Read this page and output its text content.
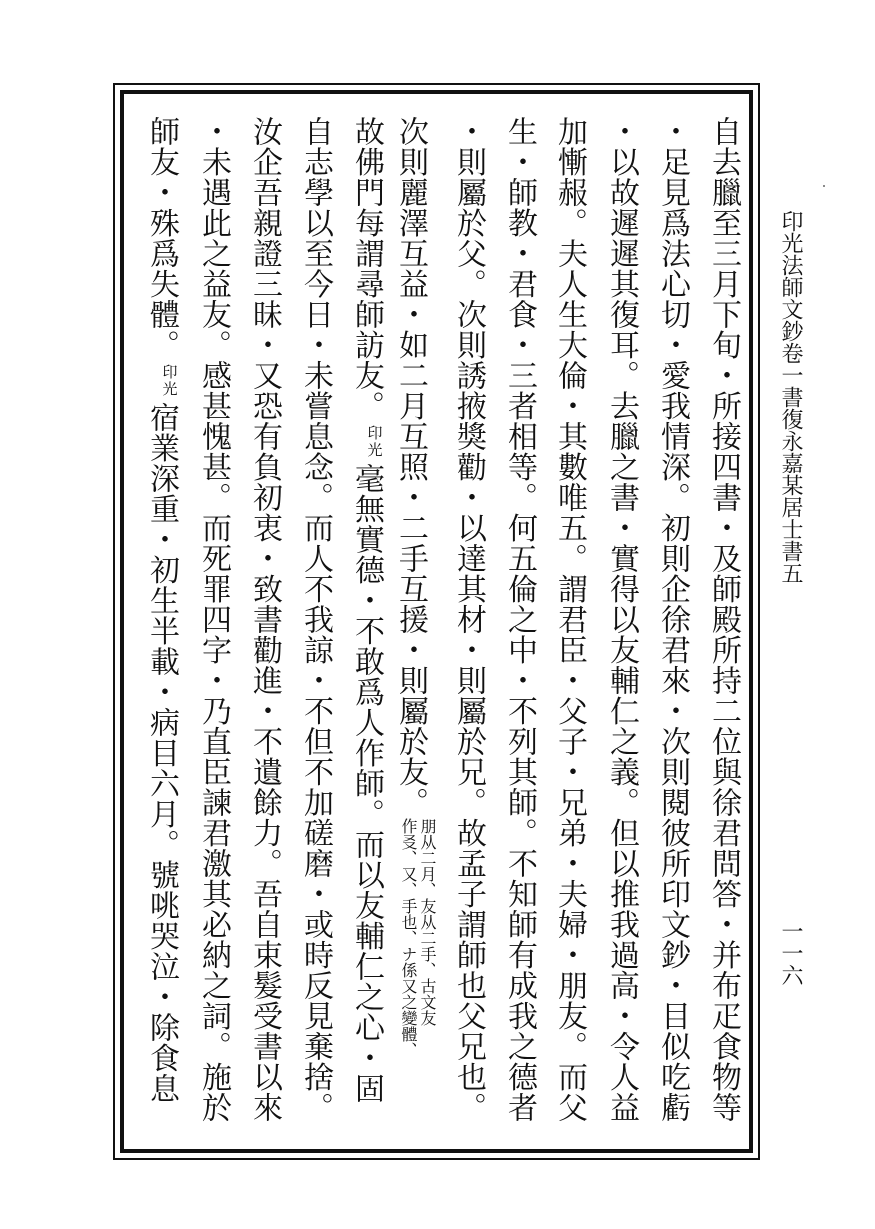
自去臘至三月下旬・所接四書・及師殿所持二位與徐君問答・并布疋食物等
・足見爲法心切・愛我情深。初則企徐君來・次則閱彼所印文鈔・目似吃虧
・以故遲遲其復耳。去臘之書・實得以友輔仁之義。但以推我過高・令人益
加慚赧。夫人生大倫・其數唯五。謂君臣・父子・兄弟・夫婦・朋友。而父
生・師教・君食・三者相等。何五倫之中・不列其師。不知師有成我之德者
・則屬於父。次則誘掖獎勸・以達其材・則屬於兄。故孟子謂師也父兄也。
次則麗澤互益・如二月互照・二手互援・則屬於友。朋从二月、友从二手、古文友
作㕛、又、手也、ナ係又之變體、
故佛門每謂尋師訪友。印光毫無實德・不敢爲人作師。而以友輔仁之心・固
自志學以至今日・未嘗息念。而人不我諒・不但不加磋磨・或時反見棄捨。
汝企吾親證三昧・又恐有負初衷・致書勸進・不遺餘力。吾自束髮受書以來
・未遇此之益友。感甚愧甚。而死罪四字・乃直臣諫君激其必納之詞。施於
師友・殊爲失體。印光宿業深重・初生半載・病目六月。號咷哭泣・除食息
印光法師文鈔卷一書復永嘉某居士書五
一一六
